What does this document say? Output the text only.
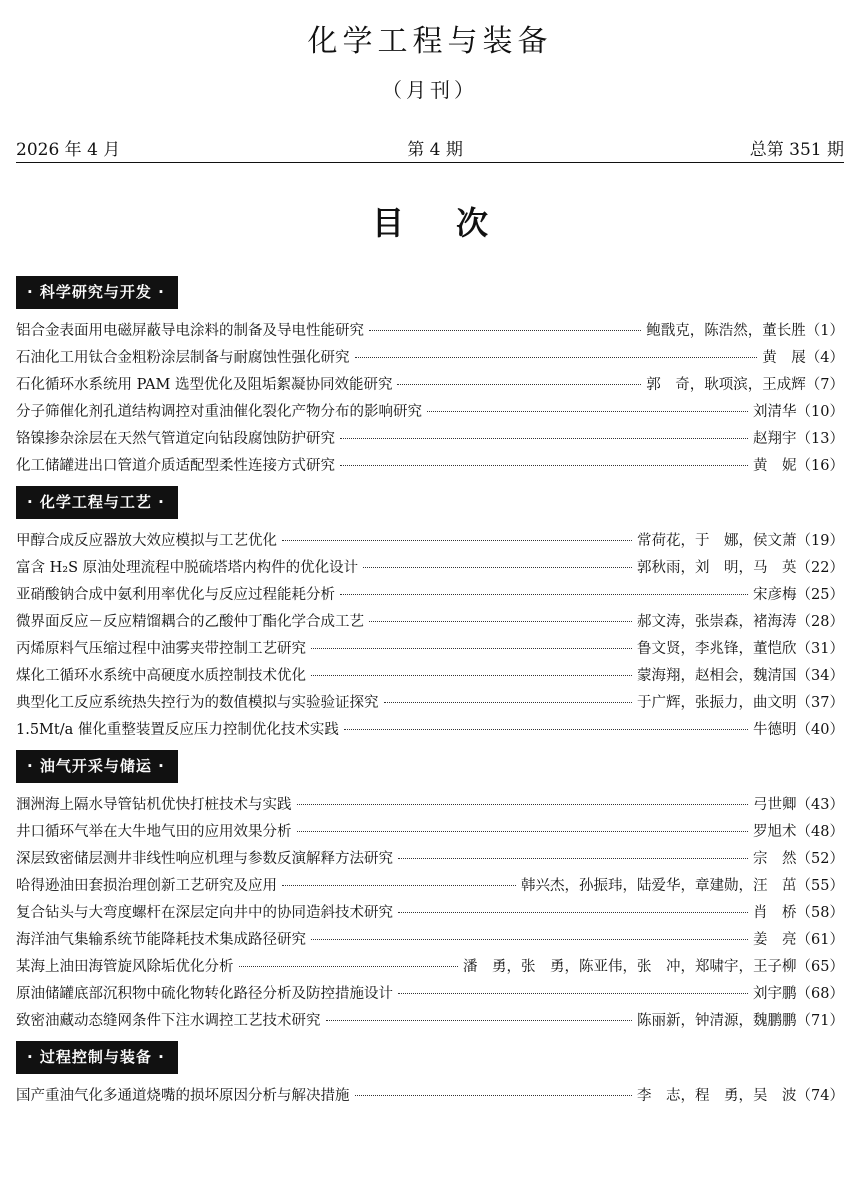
化学工程与装备
（月刊）
2026 年 4 月	第 4 期	总第 351 期
目次
· 科学研究与开发 ·
铝合金表面用电磁屏蔽导电涂料的制备及导电性能研究	鲍戬克，陈浩然，董长胜（1）
石油化工用钛合金粗粉涂层制备与耐腐蚀性强化研究	黄　展（4）
石化循环水系统用 PAM 选型优化及阻垢絮凝协同效能研究	郭　奇，耿项滨，王成辉（7）
分子筛催化剂孔道结构调控对重油催化裂化产物分布的影响研究	刘清华（10）
铬镍掺杂涂层在天然气管道定向钻段腐蚀防护研究	赵翔宇（13）
化工储罐进出口管道介质适配型柔性连接方式研究	黄　妮（16）
· 化学工程与工艺 ·
甲醇合成反应器放大效应模拟与工艺优化	常荷花，于　娜，侯文萧（19）
富含 H₂S 原油处理流程中脱硫塔塔内构件的优化设计	郭秋雨，刘　明，马　英（22）
亚硝酸钠合成中氨利用率优化与反应过程能耗分析	宋彦梅（25）
微界面反应－反应精馏耦合的乙酸仲丁酯化学合成工艺	郝文涛，张崇森，褚海涛（28）
丙烯原料气压缩过程中油雾夹带控制工艺研究	鲁文贤，李兆锋，董恺欣（31）
煤化工循环水系统中高硬度水质控制技术优化	蒙海翔，赵相会，魏清国（34）
典型化工反应系统热失控行为的数值模拟与实验验证探究	于广辉，张振力，曲文明（37）
1.5Mt/a 催化重整装置反应压力控制优化技术实践	牛德明（40）
· 油气开采与储运 ·
涠洲海上隔水导管钻机优快打桩技术与实践	弓世卿（43）
井口循环气举在大牛地气田的应用效果分析	罗旭术（48）
深层致密储层测井非线性响应机理与参数反演解释方法研究	宗　然（52）
哈得逊油田套损治理创新工艺研究及应用	韩兴杰，孙振玮，陆爱华，章建勋，汪　茁（55）
复合钻头与大弯度螺杆在深层定向井中的协同造斜技术研究	肖　桥（58）
海洋油气集输系统节能降耗技术集成路径研究	姜　亮（61）
某海上油田海管旋风除垢优化分析	潘　勇，张　勇，陈亚伟，张　冲，郑啸宇，王子柳（65）
原油储罐底部沉积物中硫化物转化路径分析及防控措施设计	刘宇鹏（68）
致密油藏动态缝网条件下注水调控工艺技术研究	陈丽新，钟清源，魏鹏鹏（71）
· 过程控制与装备 ·
国产重油气化多通道烧嘴的损坏原因分析与解决措施	李　志，程　勇，吴　波（74）
